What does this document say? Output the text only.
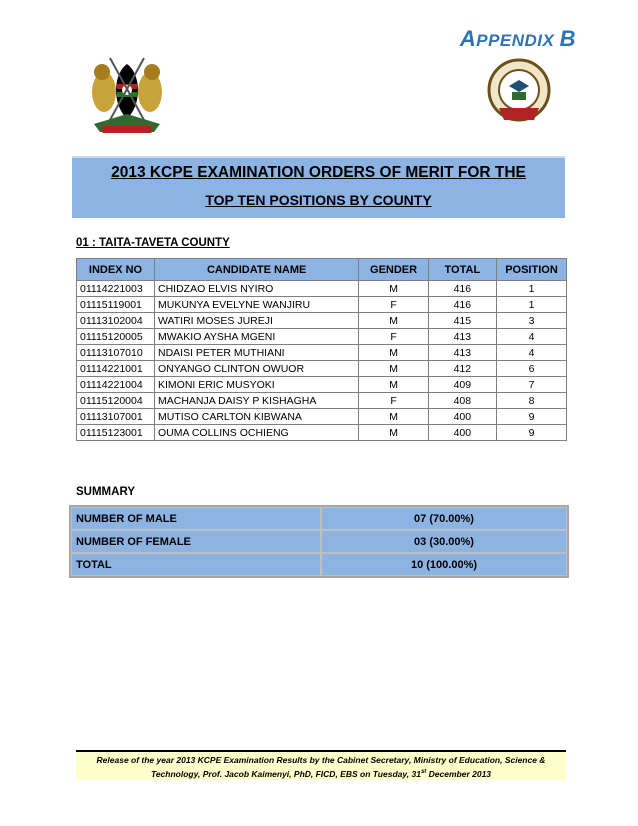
APPENDIX B
2013 KCPE EXAMINATION ORDERS OF MERIT FOR THE
TOP TEN POSITIONS BY COUNTY
01 : TAITA-TAVETA COUNTY
INDEX NO	CANDIDATE NAME	GENDER	TOTAL	POSITION
01114221003	CHIDZAO ELVIS NYIRO	M	416	1
01115119001	MUKUNYA EVELYNE WANJIRU	F	416	1
01113102004	WATIRI MOSES JUREJI	M	415	3
01115120005	MWAKIO AYSHA MGENI	F	413	4
01113107010	NDAISI PETER MUTHIANI	M	413	4
01114221001	ONYANGO CLINTON OWUOR	M	412	6
01114221004	KIMONI ERIC MUSYOKI	M	409	7
01115120004	MACHANJA DAISY P KISHAGHA	F	408	8
01113107001	MUTISO CARLTON KIBWANA	M	400	9
01115123001	OUMA COLLINS OCHIENG	M	400	9
SUMMARY
NUMBER OF MALE	07 (70.00%)
NUMBER OF FEMALE	03 (30.00%)
TOTAL	10 (100.00%)
Release of the year 2013 KCPE Examination Results by the Cabinet Secretary, Ministry of Education, Science &
Technology, Prof. Jacob Kaimenyi, PhD, FICD, EBS on Tuesday, 31st December 2013
